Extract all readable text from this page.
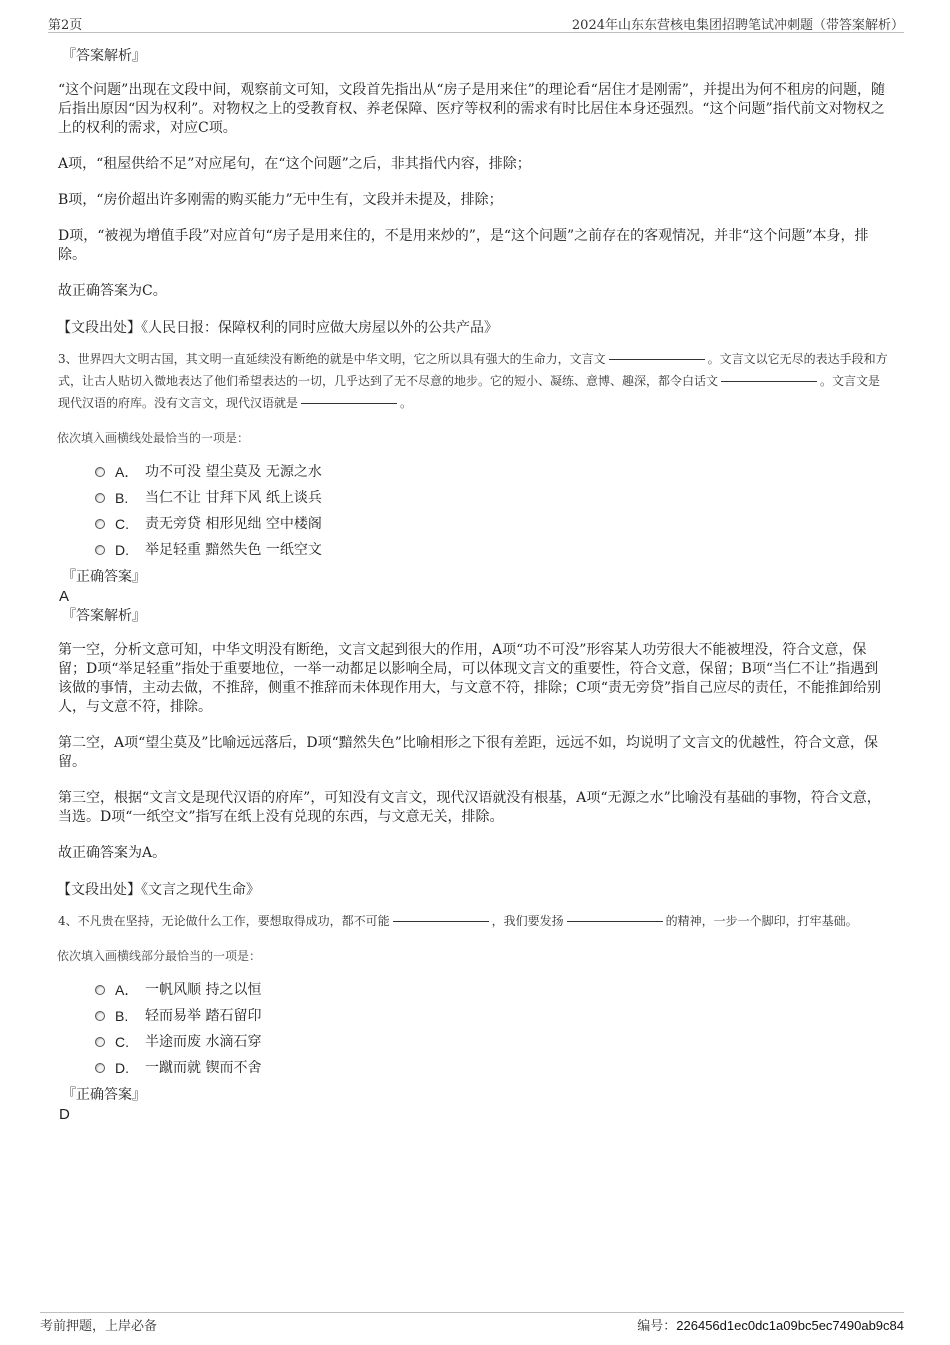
第2页	2024年山东东营核电集团招聘笔试冲刺题（带答案解析）

『答案解析』

“这个问题”出现在文段中间，观察前文可知，文段首先指出从“房子是用来住”的理论看“居住才是刚需”，并提出为何不租房的问题，随后指出原因“因为权利”。对物权之上的受教育权、养老保障、医疗等权利的需求有时比居住本身还强烈。“这个问题”指代前文对物权之上的权利的需求，对应C项。

A项，“租屋供给不足”对应尾句，在“这个问题”之后，非其指代内容，排除；

B项，“房价超出许多刚需的购买能力”无中生有，文段并未提及，排除；

D项，“被视为增值手段”对应首句“房子是用来住的，不是用来炒的”，是“这个问题”之前存在的客观情况，并非“这个问题”本身，排除。

故正确答案为C。

【文段出处】《人民日报：保障权利的同时应做大房屋以外的公共产品》

3、世界四大文明古国，其文明一直延续没有断绝的就是中华文明，它之所以具有强大的生命力，文言文	。文言文以它无尽的表达手段和方式，让古人贴切入微地表达了他们希望表达的一切，几乎达到了无不尽意的地步。它的短小、凝练、意博、趣深，都令白话文	。文言文是现代汉语的府库。没有文言文，现代汉语就是	。

依次填入画横线处最恰当的一项是：

A． 功不可没 望尘莫及 无源之水
B.	当仁不让 甘拜下风 纸上谈兵
C.	责无旁贷 相形见绌 空中楼阁
D.	举足轻重 黯然失色 一纸空文

『正确答案』

A

『答案解析』

第一空，分析文意可知，中华文明没有断绝，文言文起到很大的作用，A项“功不可没”形容某人功劳很大不能被埋没，符合文意，保留；D项“举足轻重”指处于重要地位，一举一动都足以影响全局，可以体现文言文的重要性，符合文意，保留；B项“当仁不让”指遇到该做的事情，主动去做，不推辞，侧重不推辞而未体现作用大，与文意不符，排除；C项“责无旁贷”指自己应尽的责任，不能推卸给别人，与文意不符，排除。

第二空，A项“望尘莫及”比喻远远落后，D项“黯然失色”比喻相形之下很有差距，远远不如，均说明了文言文的优越性，符合文意，保留。

第三空，根据“文言文是现代汉语的府库”，可知没有文言文，现代汉语就没有根基，A项“无源之水”比喻没有基础的事物，符合文意，当选。D项“一纸空文”指写在纸上没有兑现的东西，与文意无关，排除。

故正确答案为A。

【文段出处】《文言之现代生命》

4、不凡贵在坚持，无论做什么工作，要想取得成功，都不可能	，我们要发扬	的精神，一步一个脚印，打牢基础。

依次填入画横线部分最恰当的一项是：

A． 一帆风顺 持之以恒
B.	轻而易举 踏石留印
C.	半途而废 水滴石穿
D.	一蹴而就 锲而不舍

『正确答案』

D

考前押题，上岸必备	编号：226456d1ec0dc1a09bc5ec7490ab9c84
